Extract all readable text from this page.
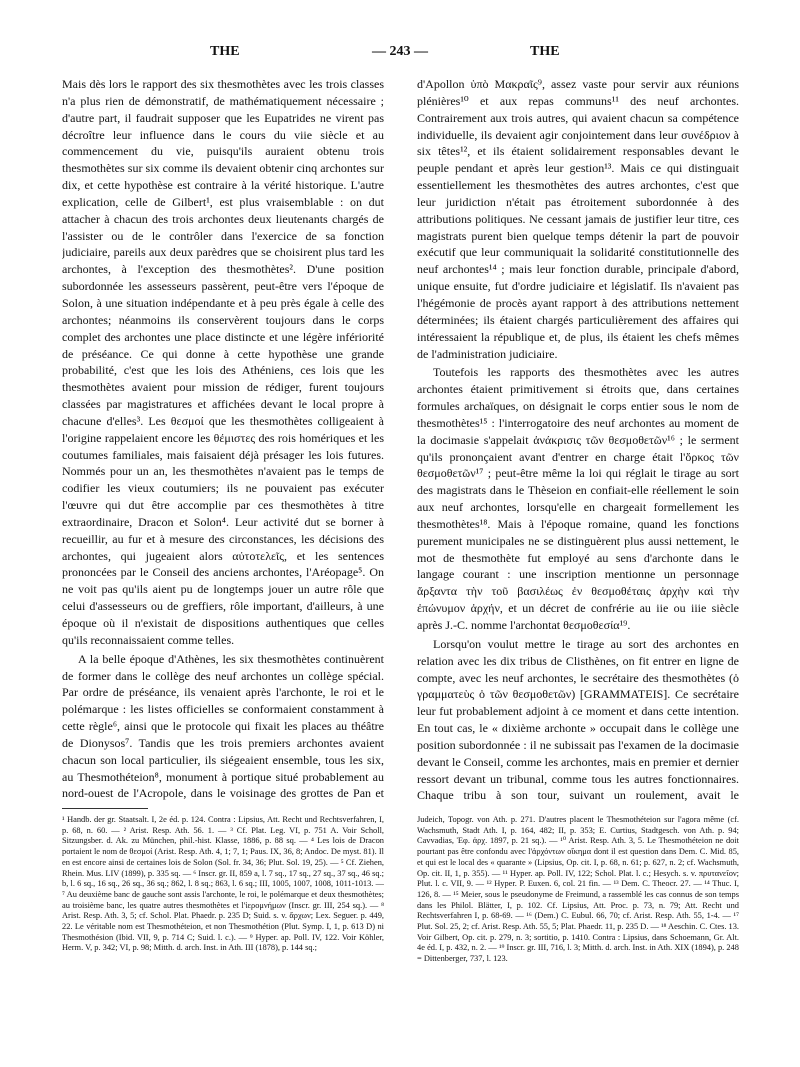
— 243 —
THE	THE

Mais dès lors le rapport des six thesmothètes avec les trois classes n'a plus rien de démonstratif, de mathématiquement nécessaire ; d'autre part, il faudrait supposer que les Eupatrides ne virent pas décroître leur influence dans le cours du viie siècle et au commencement du vie, puisqu'ils auraient obtenu trois thesmothètes sur six comme ils devaient obtenir cinq archontes sur dix, et cette hypothèse est contraire à la vérité historique. L'autre explication, celle de Gilbert¹, est plus vraisemblable : on dut attacher à chacun des trois archontes deux lieutenants chargés de l'assister ou de le contrôler dans l'exercice de sa fonction judiciaire, pareils aux deux parèdres que se choisirent plus tard les archontes, à l'exception des thesmothètes². D'une position subordonnée les assesseurs passèrent, peut-être vers l'époque de Solon, à une situation indépendante et à peu près égale à celle des archontes; néanmoins ils conservèrent toujours dans le corps complet des archontes une place distincte et une légère infériorité de préséance. Ce qui donne à cette hypothèse une grande probabilité, c'est que les lois des Athéniens, ces lois que les thesmothètes avaient pour mission de rédiger, furent toujours classées par magistratures et affichées devant le local propre à chacune d'elles³. Les θεσμοί que les thesmothètes colligeaient à l'origine rappelaient encore les θέμιστες des rois homériques et les coutumes familiales, mais faisaient déjà présager les lois futures. Nommés pour un an, les thesmothètes n'avaient pas le temps de codifier les vieux coutumiers; ils ne pouvaient pas exécuter l'œuvre qui dut être accomplie par ces thesmothètes à titre extraordinaire, Dracon et Solon⁴. Leur activité dut se borner à recueillir, au fur et à mesure des circonstances, les décisions des archontes, qui jugeaient alors αὐτοτελεῖς, et les sentences prononcées par le Conseil des anciens archontes, l'Aréopage⁵. On ne voit pas qu'ils aient pu de longtemps jouer un autre rôle que celui d'assesseurs ou de greffiers, rôle important, d'ailleurs, à une époque où il n'existait de dispositions authentiques que celles qu'ils reconnaissaient comme telles.

A la belle époque d'Athènes, les six thesmothètes continuèrent de former dans le collège des neuf archontes un collège spécial. Par ordre de préséance, ils venaient après l'archonte, le roi et le polémarque : les listes officielles se conformaient constamment à cette règle⁶, ainsi que le protocole qui fixait les places au théâtre de Dionysos⁷. Tandis que les trois premiers archontes avaient chacun son local particulier, ils siégeaient ensemble, tous les six, au Thesmothéteion⁸, monument à portique situé probablement au nord-ouest de l'Acropole, dans le voisinage des grottes de Pan et

d'Apollon ὑπὸ Μακραῖς⁹, assez vaste pour servir aux réunions plénières¹⁰ et aux repas communs¹¹ des neuf archontes. Contrairement aux trois autres, qui avaient chacun sa compétence individuelle, ils devaient agir conjointement dans leur συνέδριον à six têtes¹², et ils étaient solidairement responsables devant le peuple pendant et après leur gestion¹³. Mais ce qui distinguait essentiellement les thesmothètes des autres archontes, c'est que leur juridiction n'était pas étroitement subordonnée à des attributions politiques. Ne cessant jamais de justifier leur titre, ces magistrats purent bien quelque temps détenir la part de pouvoir exécutif que leur communiquait la solidarité constitutionnelle des neuf archontes¹⁴ ; mais leur fonction durable, principale d'abord, unique ensuite, fut d'ordre judiciaire et législatif. Ils n'avaient pas l'hégémonie de procès ayant rapport à des attributions nettement déterminées; ils étaient chargés particulièrement des affaires qui intéressaient la république et, de plus, ils étaient les chefs mêmes de l'administration judiciaire.

Toutefois les rapports des thesmothètes avec les autres archontes étaient primitivement si étroits que, dans certaines formules archaïques, on désignait le corps entier sous le nom de thesmothètes¹⁵ : l'interrogatoire des neuf archontes au moment de la docimasie s'appelait ἀνάκρισις τῶν θεσμοθετῶν¹⁶ ; le serment qu'ils prononçaient avant d'entrer en charge était l'ὅρκος τῶν θεσμοθετῶν¹⁷ ; peut-être même la loi qui réglait le tirage au sort des magistrats dans le Thèseion en confiait-elle réellement le soin aux neuf archontes, lorsqu'elle en chargeait formellement les thesmothètes¹⁸. Mais à l'époque romaine, quand les fonctions purement municipales ne se distinguèrent plus aussi nettement, le mot de thesmothète fut employé au sens d'archonte dans le langage courant : une inscription mentionne un personnage ἄρξαντα τὴν τοῦ βασιλέως ἐν θεσμοθέταις ἀρχὴν καὶ τὴν ἐπώνυμον ἀρχήν, et un décret de confrérie au iie ou iiie siècle après J.-C. nomme l'archontat θεσμοθεσία¹⁹.

Lorsqu'on voulut mettre le tirage au sort des archontes en relation avec les dix tribus de Clisthènes, on fit entrer en ligne de compte, avec les neuf archontes, le secrétaire des thesmothètes (ὁ γραμματεὺς ὁ τῶν θεσμοθετῶν) [GRAMMATEIS]. Ce secrétaire leur fut probablement adjoint à ce moment et dans cette intention. En tout cas, le « dixième archonte » occupait dans le collège une position subordonnée : il ne subissait pas l'examen de la docimasie devant le Conseil, comme les archontes, mais en premier et dernier ressort devant un tribunal, comme tous les autres fonctionnaires. Chaque tribu à son tour, suivant un roulement, avait le

¹ Handb. der gr. Staatsalt. I, 2e éd. p. 124. Contra : Lipsius, Att. Recht und Rechtsverfahren, I, p. 68, n. 60. — ² Arist. Resp. Ath. 56. 1. — ³ Cf. Plat. Leg. VI, p. 751 A. Voir Scholl, Sitzungsber. d. Ak. zu München, phil.-hist. Klasse, 1886, p. 88 sq. — ⁴ Les lois de Dracon portaient le nom de θεσμοί (Arist. Resp. Ath. 4, 1; 7, 1; Paus. IX, 36, 8; Andoc. De myst. 81). Il en est encore ainsi de certaines lois de Solon (Sol. fr. 34, 36; Plut. Sol. 19, 25). — ⁵ Cf. Ziehen, Rhein. Mus. LIV (1899), p. 335 sq. — ⁶ Inscr. gr. II, 859 a, l. 7 sq., 17 sq., 27 sq., 37 sq., 46 sq.; b, l. 6 sq., 16 sq., 26 sq., 36 sq.; 862, l. 8 sq.; 863, l. 6 sq.; III, 1005, 1007, 1008, 1011-1013. — ⁷ Au deuxième banc de gauche sont assis l'archonte, le roi, le polémarque et deux thesmothètes; au troisième banc, les quatre autres thesmothètes et l'ἱερομνήμων (Inscr. gr. III, 254 sq.). — ⁸ Arist. Resp. Ath. 3, 5; cf. Schol. Plat. Phaedr. p. 235 D; Suid. s. v. ἄρχων; Lex. Seguer. p. 449, 22. Le véritable nom est Thesmothéteion, et non Thesmothétion (Plut. Symp. I, 1, p. 613 D) ni Thesmothésion (Ibid. VII, 9, p. 714 C; Suid. l. c.). — ⁹ Hyper. ap. Poll. IV, 122. Voir Köhler, Herm. V, p. 342; VI, p. 98; Mitth. d. arch. Inst. in Ath. III (1878), p. 144 sq.;

Judeich, Topogr. von Ath. p. 271. D'autres placent le Thesmothéteion sur l'agora même (cf. Wachsmuth, Stadt Ath. I, p. 164, 482; II, p. 353; E. Curtius, Stadtgesch. von Ath. p. 94; Cavvadias, Ἐφ. ἀρχ. 1897, p. 21 sq.). — ¹⁰ Arist. Resp. Ath. 3, 5. Le Thesmothéteion ne doit pourtant pas être confondu avec l'ἀρχόντων οἴκημα dont il est question dans Dem. C. Mid. 85, et qui est le local des « quarante » (Lipsius, Op. cit. I, p. 68, n. 61; p. 627, n. 2; cf. Wachsmuth, Op. cit. II, 1, p. 355). — ¹¹ Hyper. ap. Poll. IV, 122; Schol. Plat. l. c.; Hesych. s. v. πρυτανεῖον; Plut. l. c. VII, 9. — ¹² Hyper. P. Euxen. 6, col. 21 fin. — ¹³ Dem. C. Theocr. 27. — ¹⁴ Thuc. I, 126, 8. — ¹⁵ Meier, sous le pseudonyme de Freimund, a rassemblé les cas connus de son temps dans les Philol. Blätter, I, p. 102. Cf. Lipsius, Att. Proc. p. 73, n. 79; Att. Recht und Rechtsverfahren I, p. 68-69. — ¹⁶ (Dem.) C. Eubul. 66, 70; cf. Arist. Resp. Ath. 55, 1-4. — ¹⁷ Plut. Sol. 25, 2; cf. Arist. Resp. Ath. 55, 5; Plat. Phaedr. 11, p. 235 D. — ¹⁸ Aeschin. C. Ctes. 13. Voir Gilbert, Op. cit. p. 279, n. 3; sortitio, p. 1410. Contra : Lipsius, dans Schoemann, Gr. Alt. 4e éd. I, p. 432, n. 2. — ¹⁹ Inscr. gr. III, 716, l. 3; Mitth. d. arch. Inst. in Ath. XIX (1894), p. 248 = Dittenberger, 737, l. 123.
